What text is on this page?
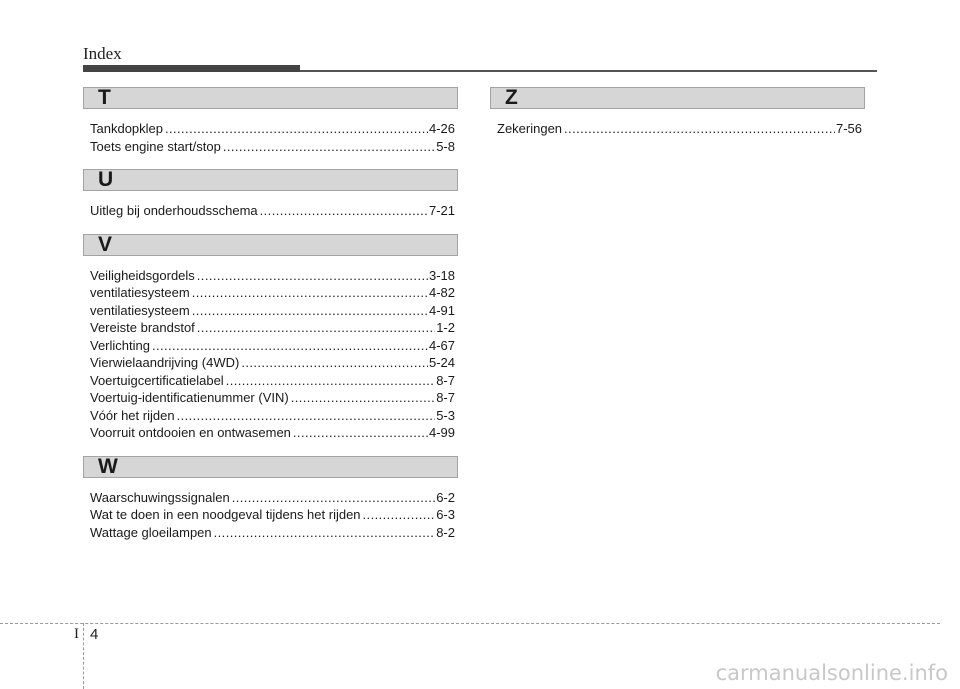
Index
T
Tankdopklep .....	4-26
Toets engine start/stop .....	5-8
U
Uitleg bij onderhoudsschema .....	7-21
V
Veiligheidsgordels .....	3-18
ventilatiesysteem .....	4-82
ventilatiesysteem .....	4-91
Vereiste brandstof .....	1-2
Verlichting .....	4-67
Vierwielaandrijving (4WD) .....	5-24
Voertuigcertificatielabel .....	8-7
Voertuig-identificatienummer (VIN) .....	8-7
Vóór het rijden .....	5-3
Voorruit ontdooien en ontwasemen .....	4-99
W
Waarschuwingssignalen .....	6-2
Wat te doen in een noodgeval tijdens het rijden .....	6-3
Wattage gloeilampen .....	8-2
Z
Zekeringen .....	7-56
I 4
carmanualsonline.info
